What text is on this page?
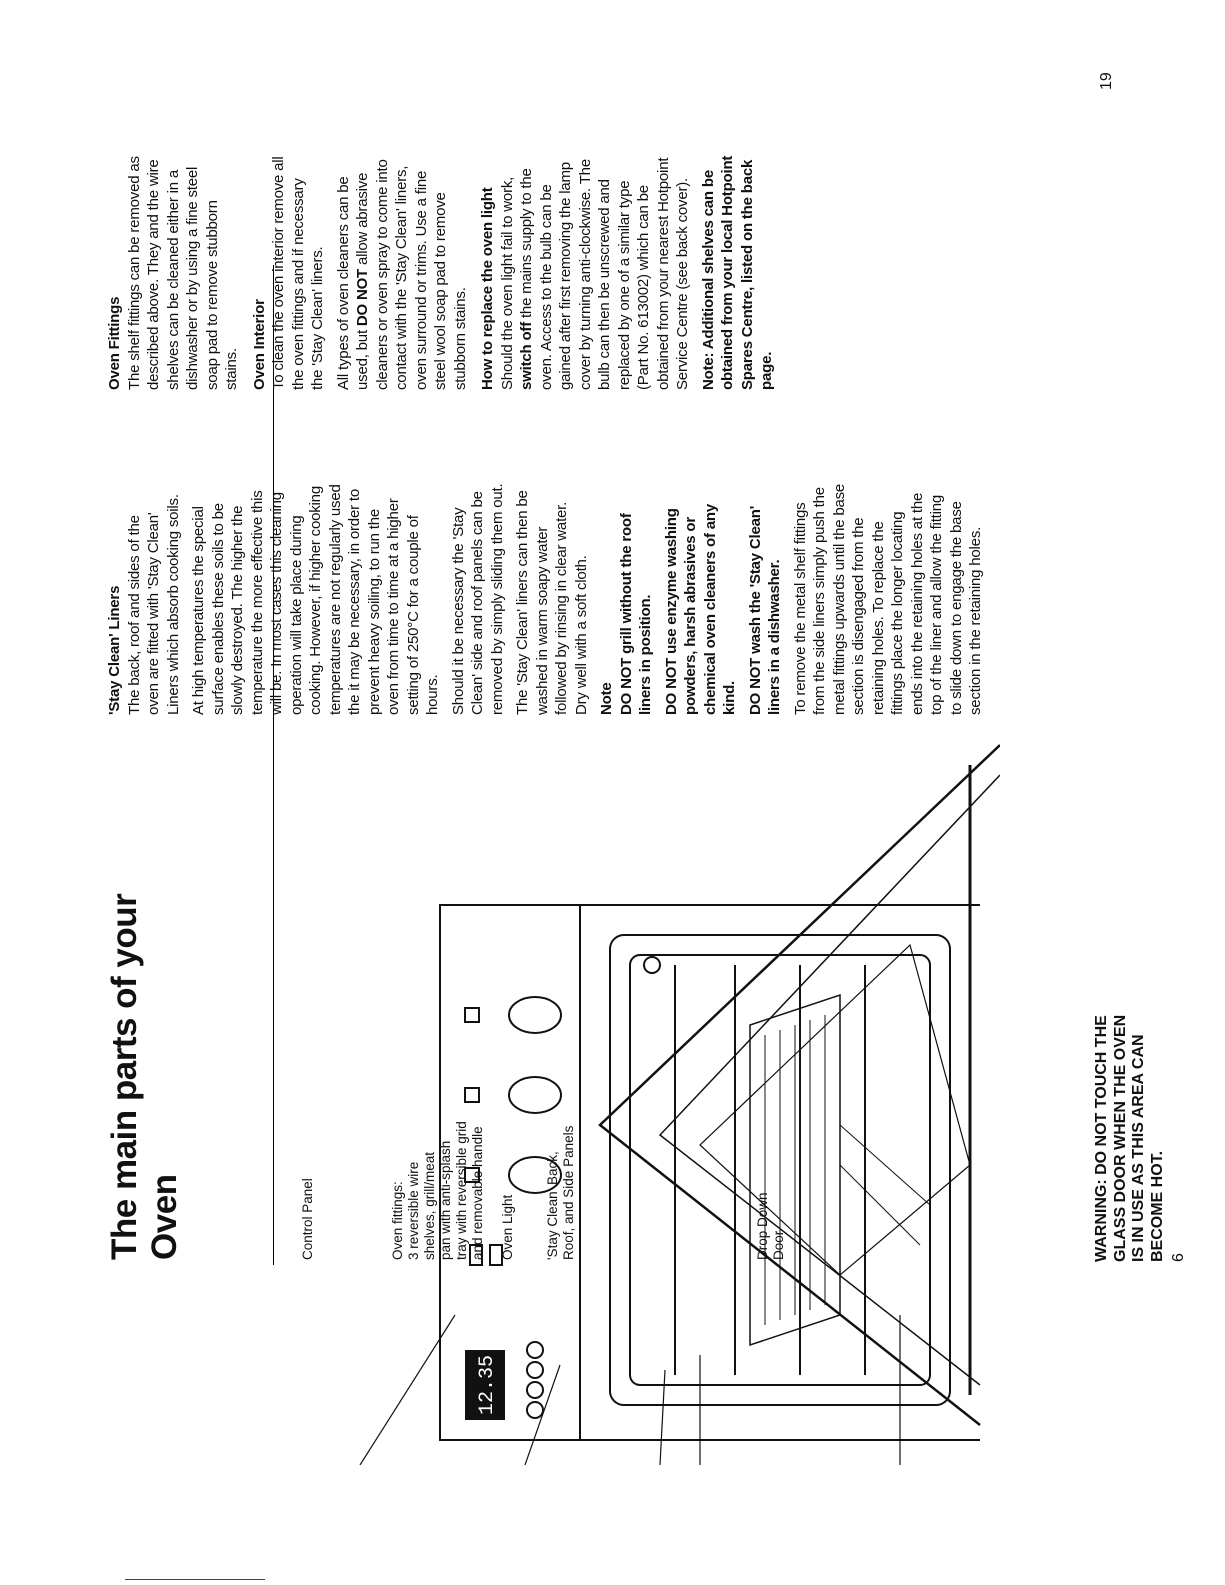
The main parts of your Oven
12.35
Control Panel	Oven fittings: 3 reversible wire shelves, grill/meat pan with anti-splash tray with reversible grid and removable handle Oven Light 'Stay Clean' Back, Roof, and Side Panels	Drop Down Door	WARNING: DO NOT TOUCH THE GLASS DOOR WHEN THE OVEN IS IN USE AS THIS AREA CAN BECOME HOT. 6
'Stay Clean' Liners The back, roof and sides of the oven are fitted with 'Stay Clean' Liners which absorb cooking soils. At high temperatures the special surface enables these soils to be slowly destroyed. The higher the temperature the more effective this will be. In most cases this cleaning operation will take place during cooking. However, if higher cooking temperatures are not regularly used the it may be necessary, in order to prevent heavy soiling, to run the oven from time to time at a higher setting of 250°C for a couple of hours. Should it be necessary the 'Stay Clean' side and roof panels can be removed by simply sliding them out. The 'Stay Clean' liners can then be washed in warm soapy water followed by rinsing in clear water. Dry well with a soft cloth. Note DO NOT grill without the roof liners in position. DO NOT use enzyme washing powders, harsh abrasives or chemical oven cleaners of any kind. DO NOT wash the 'Stay Clean' liners in a dishwasher. To remove the metal shelf fittings from the side liners simply push the metal fittings upwards until the base section is disengaged from the retaining holes. To replace the fittings place the longer locating ends into the retaining holes at the top of the liner and allow the fitting to slide down to engage the base section in the retaining holes.

Oven Fittings The shelf fittings can be removed as described above. They and the wire shelves can be cleaned either in a dishwasher or by using a fine steel soap pad to remove stubborn stains. Oven Interior To clean the oven interior remove all the oven fittings and if necessary the 'Stay Clean' liners. All types of oven cleaners can be used, but DO NOT allow abrasive cleaners or oven spray to come into contact with the 'Stay Clean' liners, oven surround or trims. Use a fine steel wool soap pad to remove stubborn stains. How to replace the oven light Should the oven light fail to work, switch off the mains supply to the oven. Access to the bulb can be gained after first removing the lamp cover by turning anti-clockwise. The bulb can then be unscrewed and replaced by one of a similar type (Part No. 613002) which can be obtained from your nearest Hotpoint Service Centre (see back cover). Note: Additional shelves can be obtained from your local Hotpoint Spares Centre, listed on the back page.

19
